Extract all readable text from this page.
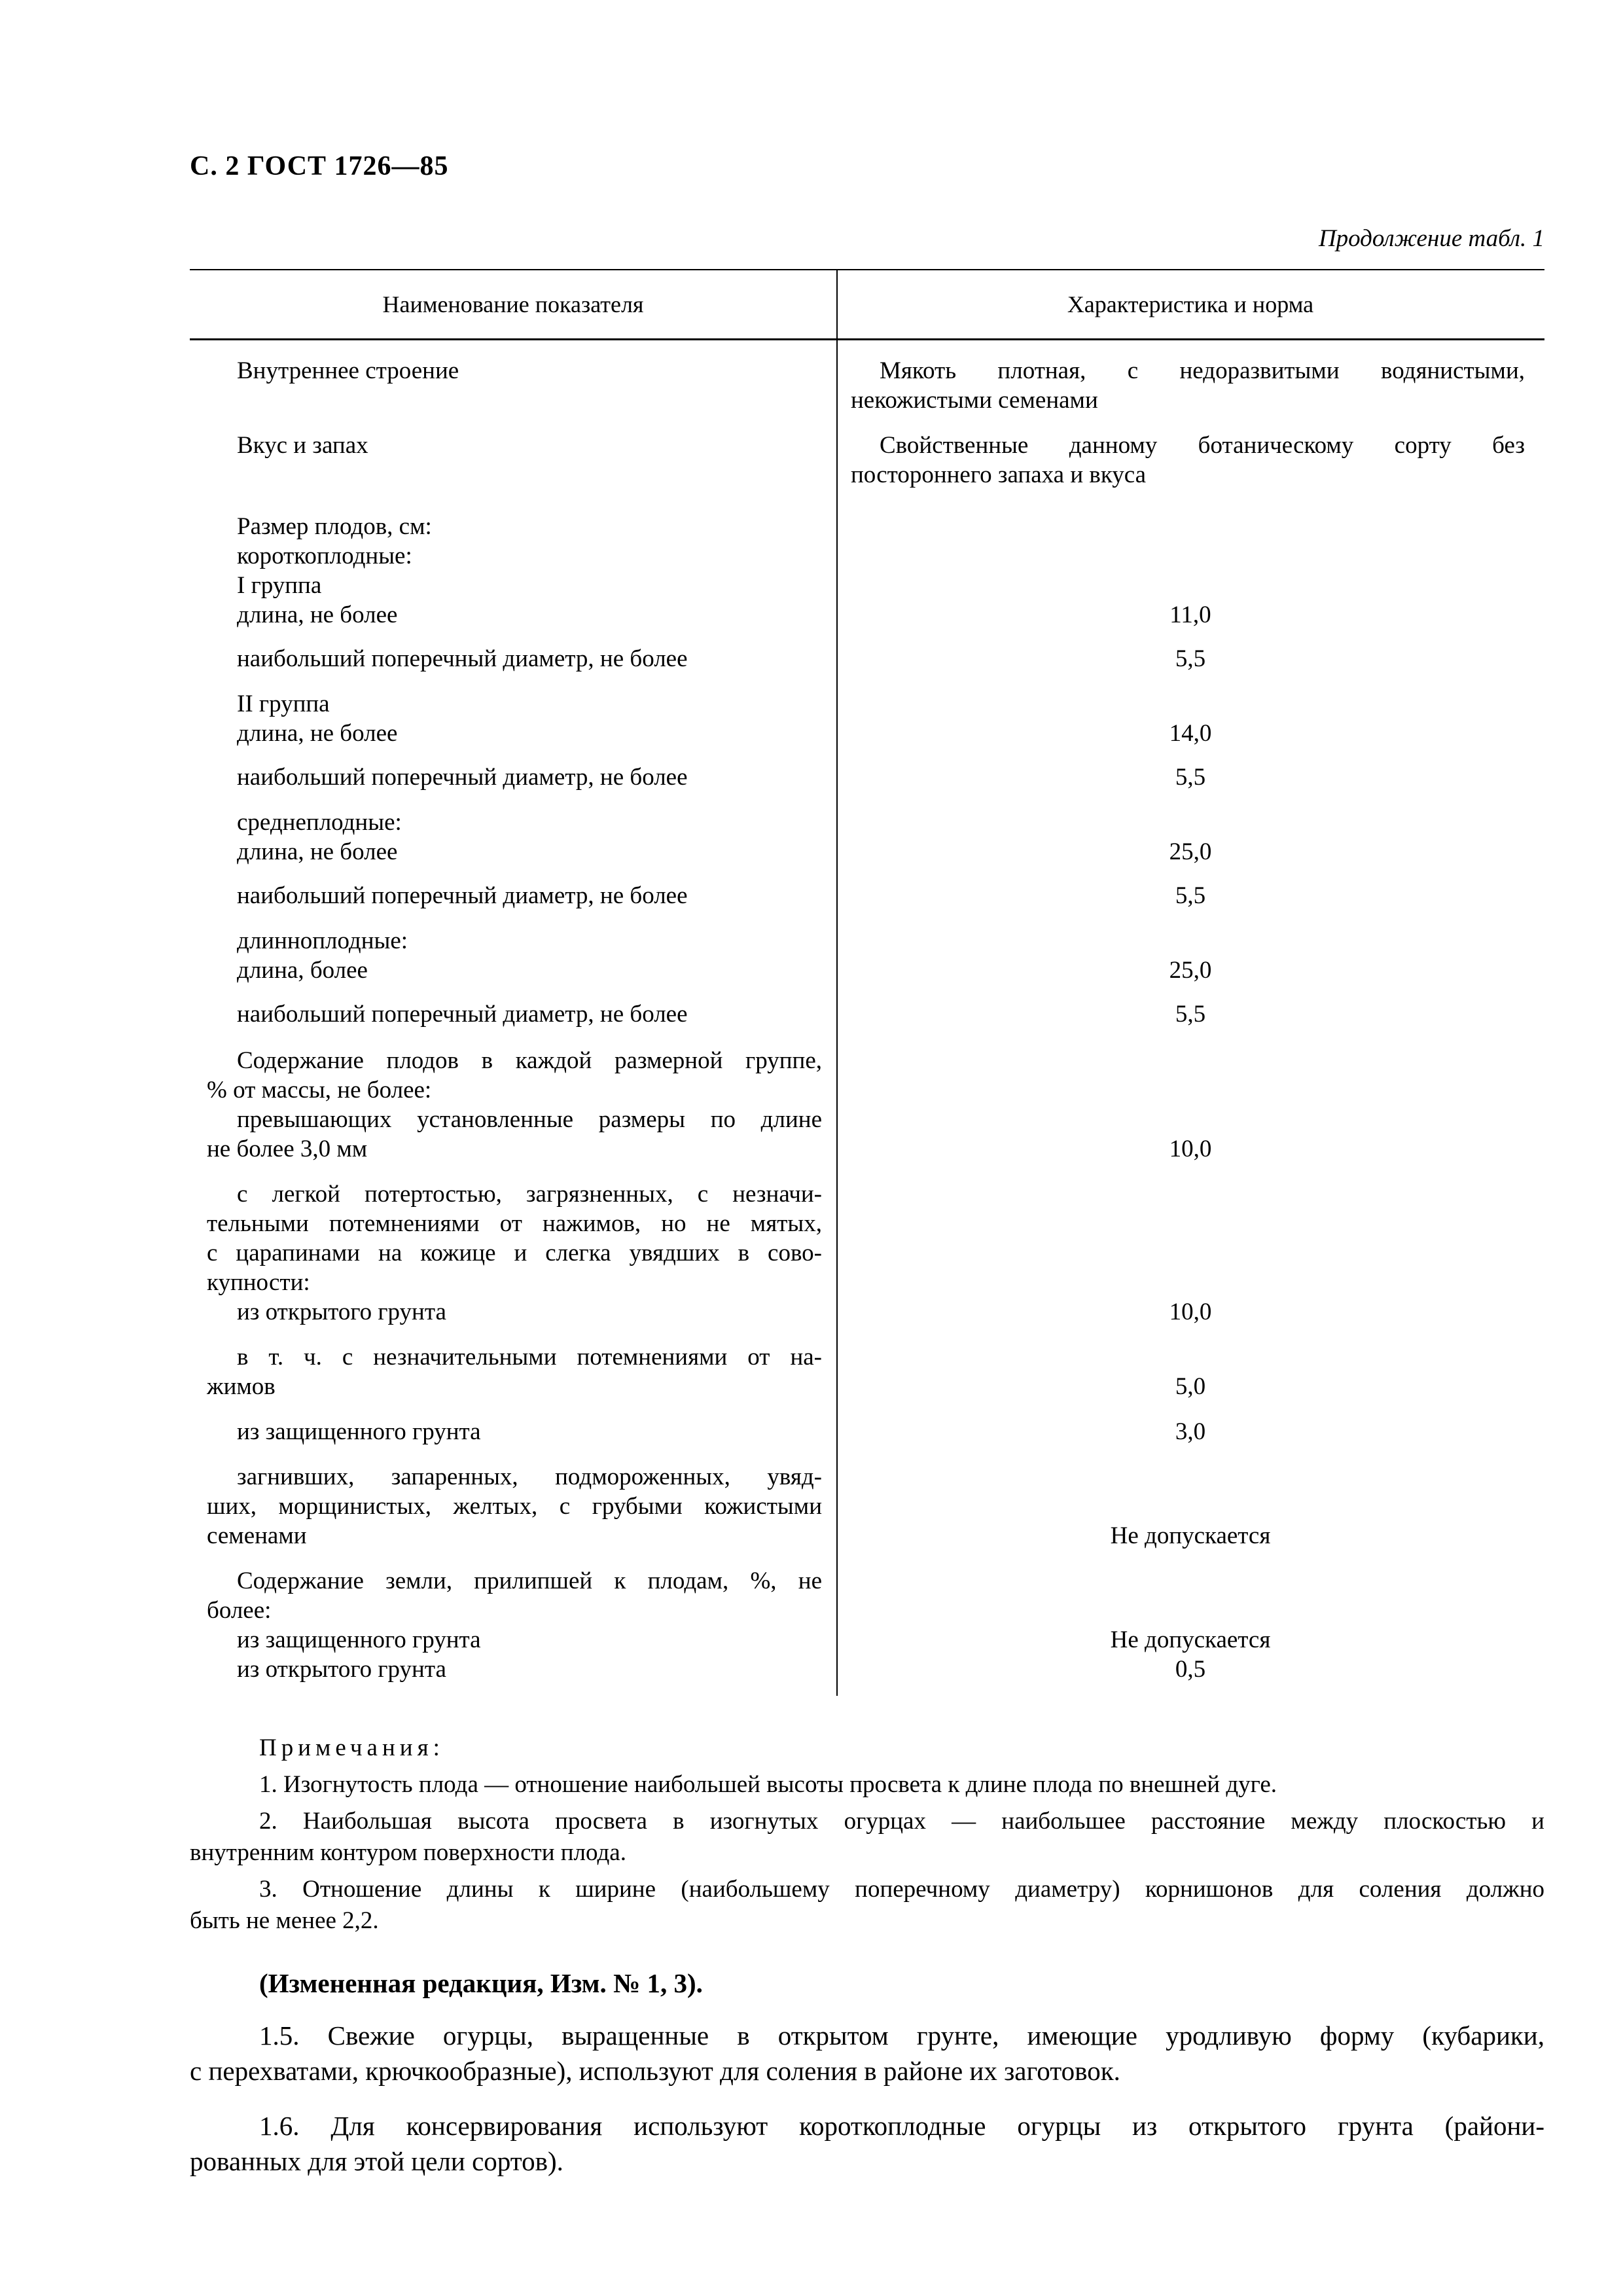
С. 2 ГОСТ 1726—85
Продолжение табл. 1
Наименование показателя	Характеристика и норма
Внутреннее строение	Мякоть плотная, с недоразвитыми водянистыми,
некожистыми семенами
Вкус и запах	Свойственные данному ботаническому сорту без
постороннего запаха и вкуса
Размер плодов, см:
короткоплодные:
I группа
длина, не более	11,0
наибольший поперечный диаметр, не более	5,5
II группа
длина, не более	14,0
наибольший поперечный диаметр, не более	5,5
среднеплодные:
длина, не более	25,0
наибольший поперечный диаметр, не более	5,5
длинноплодные:
длина, более	25,0
наибольший поперечный диаметр, не более	5,5
Содержание плодов в каждой размерной группе,
% от массы, не более:
превышающих установленные размеры по длине
не более 3,0 мм	10,0
с легкой потертостью, загрязненных, с незначи-
тельными потемнениями от нажимов, но не мятых,
с царапинами на кожице и слегка увядших в сово-
купности:
из открытого грунта	10,0
в т. ч. с незначительными потемнениями от на-
жимов	5,0
из защищенного грунта	3,0
загнивших, запаренных, подмороженных, увяд-
ших, морщинистых, желтых, с грубыми кожистыми
семенами	Не допускается
Содержание земли, прилипшей к плодам, %, не
более:
из защищенного грунта	Не допускается
из открытого грунта	0,5
Примечания:
1. Изогнутость плода — отношение наибольшей высоты просвета к длине плода по внешней дуге.
2. Наибольшая высота просвета в изогнутых огурцах — наибольшее расстояние между плоскостью и
внутренним контуром поверхности плода.
3. Отношение длины к ширине (наибольшему поперечному диаметру) корнишонов для соления должно
быть не менее 2,2.
(Измененная редакция, Изм. № 1, 3).
1.5. Свежие огурцы, выращенные в открытом грунте, имеющие уродливую форму (кубарики,
с перехватами, крючкообразные), используют для соления в районе их заготовок.
1.6. Для консервирования используют короткоплодные огурцы из открытого грунта (райони-
рованных для этой цели сортов).
